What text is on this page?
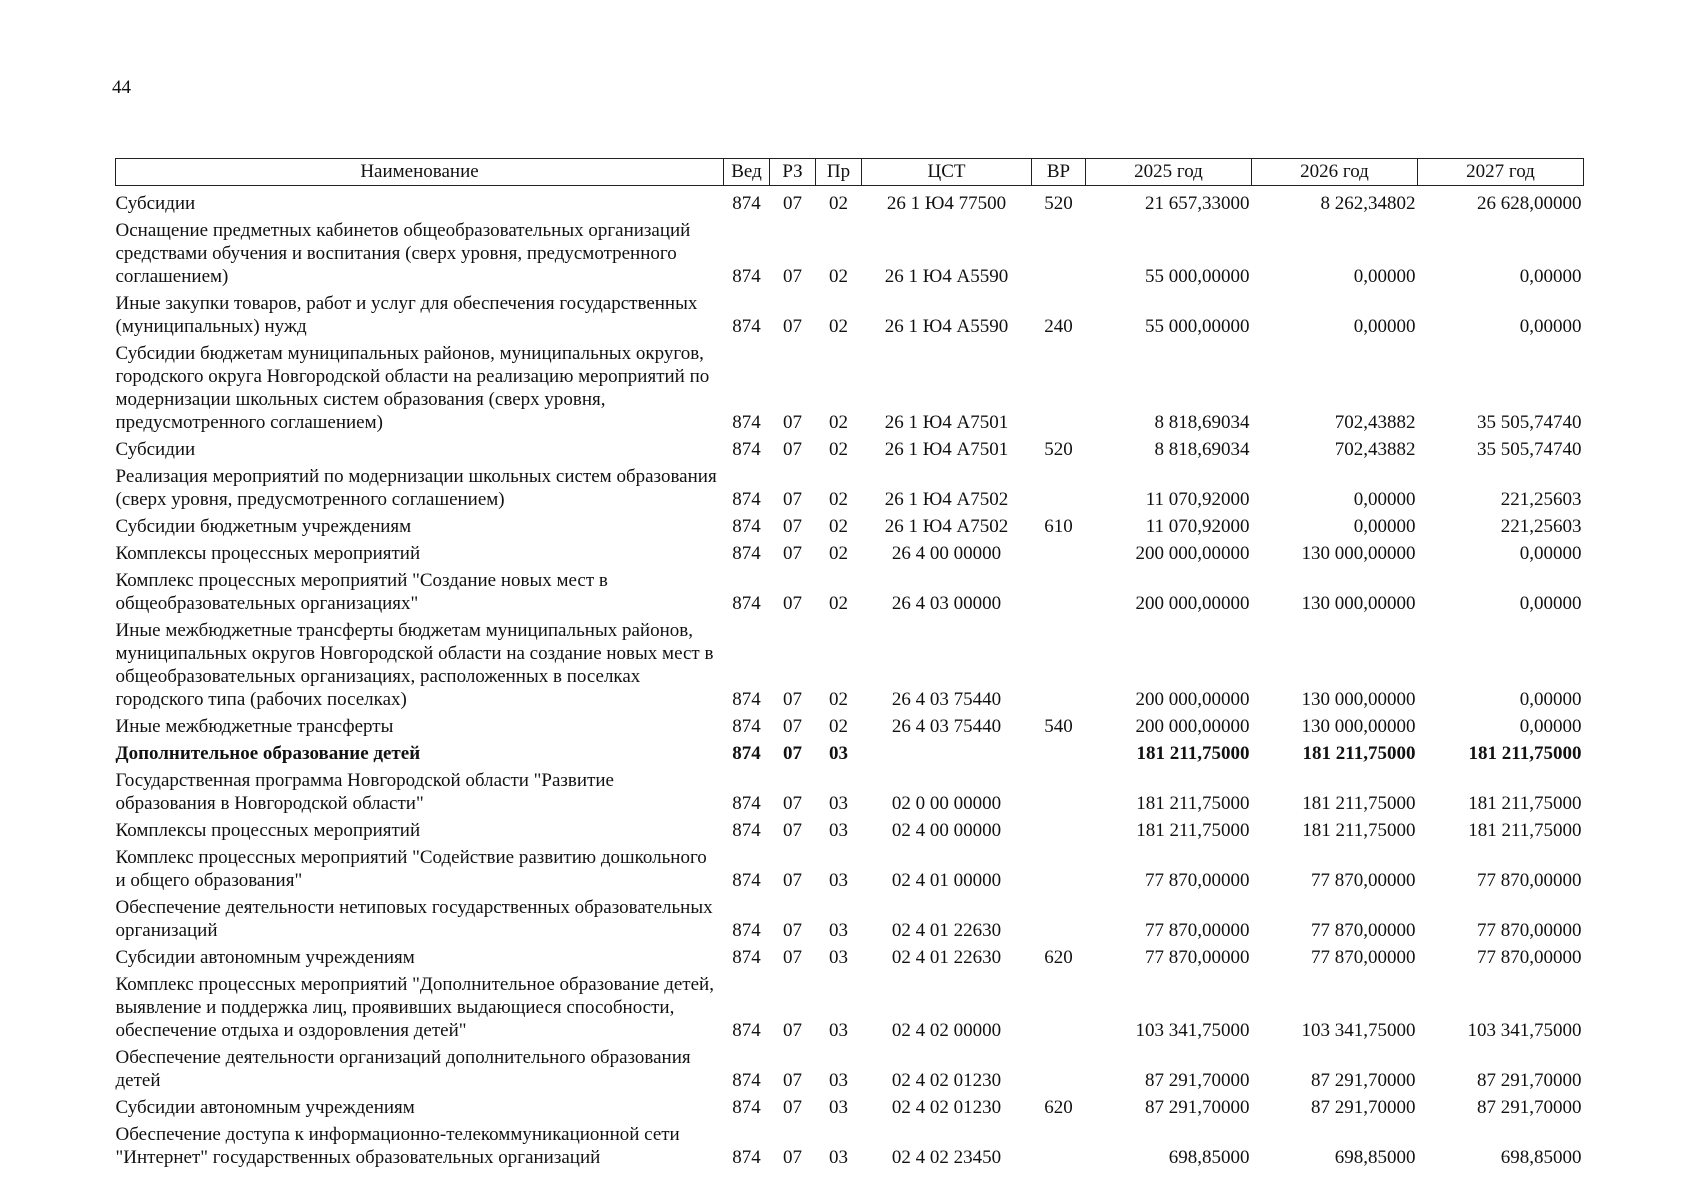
44
Наименование	Вед	РЗ	Пр	ЦСТ	ВР	2025 год	2026 год	2027 год
Субсидии	874	07	02	26 1 Ю4 77500	520	21 657,33000	8 262,34802	26 628,00000
Оснащение предметных кабинетов общеобразовательных организаций средствами обучения и воспитания (сверх уровня, предусмотренного соглашением)	874	07	02	26 1 Ю4 А5590		55 000,00000	0,00000	0,00000
Иные закупки товаров, работ и услуг для обеспечения государственных (муниципальных) нужд	874	07	02	26 1 Ю4 А5590	240	55 000,00000	0,00000	0,00000
Субсидии бюджетам муниципальных районов, муниципальных округов, городского округа Новгородской области на реализацию мероприятий по модернизации школьных систем образования (сверх уровня, предусмотренного соглашением)	874	07	02	26 1 Ю4 А7501		8 818,69034	702,43882	35 505,74740
Субсидии	874	07	02	26 1 Ю4 А7501	520	8 818,69034	702,43882	35 505,74740
Реализация мероприятий по модернизации школьных систем образования (сверх уровня, предусмотренного соглашением)	874	07	02	26 1 Ю4 А7502		11 070,92000	0,00000	221,25603
Субсидии бюджетным учреждениям	874	07	02	26 1 Ю4 А7502	610	11 070,92000	0,00000	221,25603
Комплексы процессных мероприятий	874	07	02	26 4 00 00000		200 000,00000	130 000,00000	0,00000
Комплекс процессных мероприятий "Создание новых мест в общеобразовательных организациях"	874	07	02	26 4 03 00000		200 000,00000	130 000,00000	0,00000
Иные межбюджетные трансферты бюджетам муниципальных районов, муниципальных округов Новгородской области на создание новых мест в общеобразовательных организациях, расположенных в поселках городского типа (рабочих поселках)	874	07	02	26 4 03 75440		200 000,00000	130 000,00000	0,00000
Иные межбюджетные трансферты	874	07	02	26 4 03 75440	540	200 000,00000	130 000,00000	0,00000
Дополнительное образование детей	874	07	03			181 211,75000	181 211,75000	181 211,75000
Государственная программа Новгородской области "Развитие образования в Новгородской области"	874	07	03	02 0 00 00000		181 211,75000	181 211,75000	181 211,75000
Комплексы процессных мероприятий	874	07	03	02 4 00 00000		181 211,75000	181 211,75000	181 211,75000
Комплекс процессных мероприятий "Содействие развитию дошкольного и общего образования"	874	07	03	02 4 01 00000		77 870,00000	77 870,00000	77 870,00000
Обеспечение деятельности нетиповых государственных образовательных организаций	874	07	03	02 4 01 22630		77 870,00000	77 870,00000	77 870,00000
Субсидии автономным учреждениям	874	07	03	02 4 01 22630	620	77 870,00000	77 870,00000	77 870,00000
Комплекс процессных мероприятий "Дополнительное образование детей, выявление и поддержка лиц, проявивших выдающиеся способности, обеспечение отдыха и оздоровления детей"	874	07	03	02 4 02 00000		103 341,75000	103 341,75000	103 341,75000
Обеспечение деятельности организаций дополнительного образования детей	874	07	03	02 4 02 01230		87 291,70000	87 291,70000	87 291,70000
Субсидии автономным учреждениям	874	07	03	02 4 02 01230	620	87 291,70000	87 291,70000	87 291,70000
Обеспечение доступа к информационно-телекоммуникационной сети "Интернет" государственных образовательных организаций	874	07	03	02 4 02 23450		698,85000	698,85000	698,85000
